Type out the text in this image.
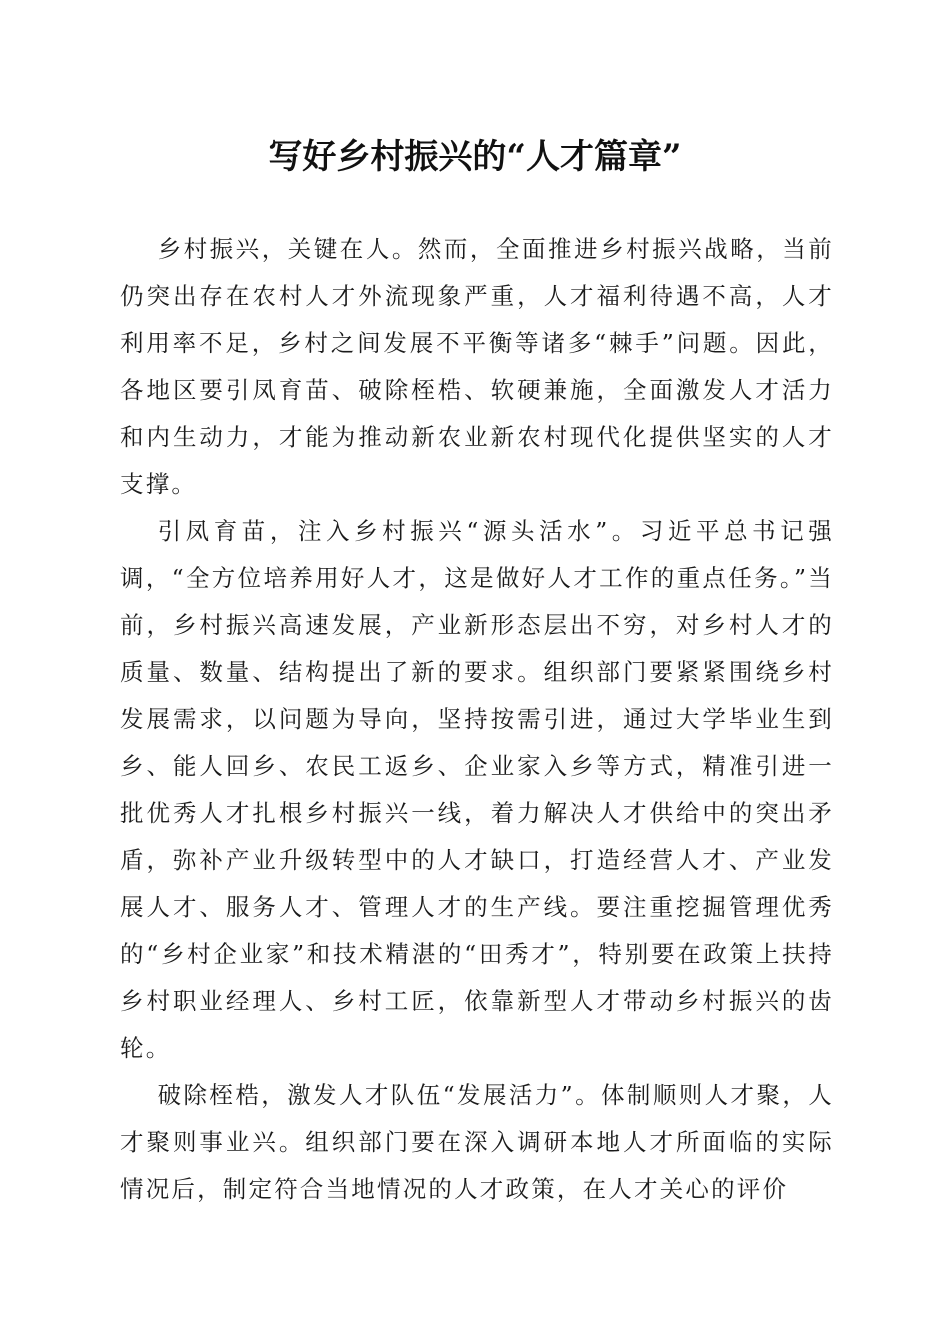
写好乡村振兴的“人才篇章”

乡村振兴，关键在人。然而，全面推进乡村振兴战略，当前仍突出存在农村人才外流现象严重，人才福利待遇不高，人才利用率不足，乡村之间发展不平衡等诸多“棘手”问题。因此，各地区要引凤育苗、破除桎梏、软硬兼施，全面激发人才活力和内生动力，才能为推动新农业新农村现代化提供坚实的人才支撑。

引凤育苗，注入乡村振兴“源头活水”。习近平总书记强调，“全方位培养用好人才，这是做好人才工作的重点任务。”当前，乡村振兴高速发展，产业新形态层出不穷，对乡村人才的质量、数量、结构提出了新的要求。组织部门要紧紧围绕乡村发展需求，以问题为导向，坚持按需引进，通过大学毕业生到乡、能人回乡、农民工返乡、企业家入乡等方式，精准引进一批优秀人才扎根乡村振兴一线，着力解决人才供给中的突出矛盾，弥补产业升级转型中的人才缺口，打造经营人才、产业发展人才、服务人才、管理人才的生产线。要注重挖掘管理优秀的“乡村企业家”和技术精湛的“田秀才”，特别要在政策上扶持乡村职业经理人、乡村工匠，依靠新型人才带动乡村振兴的齿轮。

破除桎梏，激发人才队伍“发展活力”。体制顺则人才聚，人才聚则事业兴。组织部门要在深入调研本地人才所面临的实际情况后，制定符合当地情况的人才政策，在人才关心的评价
